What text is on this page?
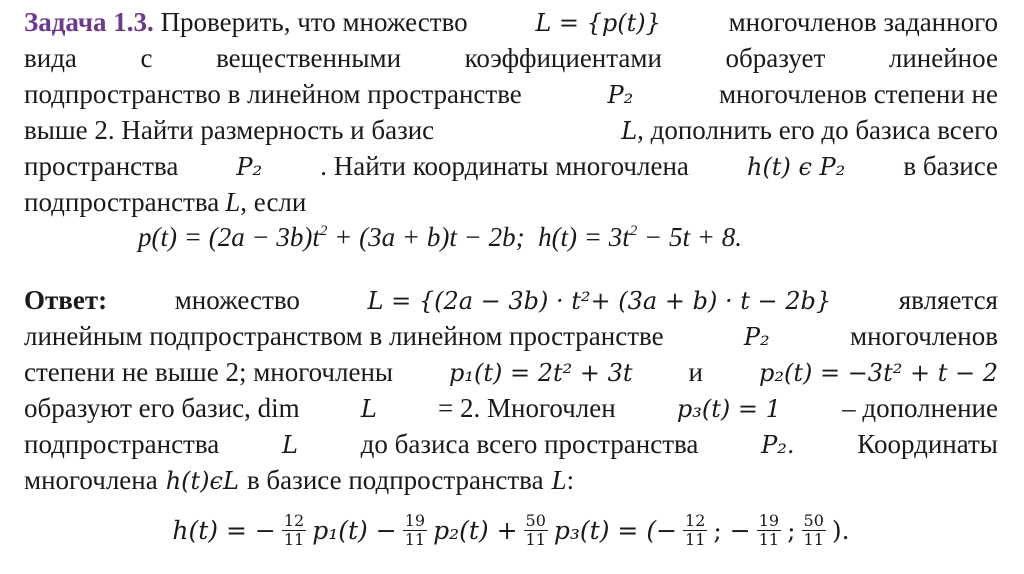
Задача 1.3. Проверить, что множество	L = {p(t)}	многочленов заданного
вида с вещественными коэффициентами образует линейное
подпространство в линейном пространстве	P₂	многочленов степени не
выше 2. Найти размерность и базис	L, дополнить его до базиса всего
пространства P₂ . Найти координаты многочлена h(t) ϵ P₂ в базисе
подпространства L, если
$p(t) = (2a - 3b)t^2 + (3a + b)t - 2b$; $h(t) = 3t^2 - 5t + 8$.
Ответ:	множество	L = {(2a − 3b) · t²+ (3a + b) · t − 2b}	является
линейным подпространством в линейном пространстве	P₂	многочленов
степени не выше 2; многочлены p₁(t) = 2t² + 3t и p₂(t) = −3t² + t − 2
образуют его базис, dim	L = 2. Многочлен	p₃(t) = 1 – дополнение
подпространства	L до базиса всего пространства	P₂. Координаты
многочлена h(t)ϵL в базисе подпространства L:
h(t) = − $\frac{12}{11} p_1(t) - \frac{19}{11} p_2(t) + \frac{50}{11} p_3(t)$ = (− $\frac{12}{11}$ ; − $\frac{19}{11}$ ; $\frac{50}{11}$ ).
